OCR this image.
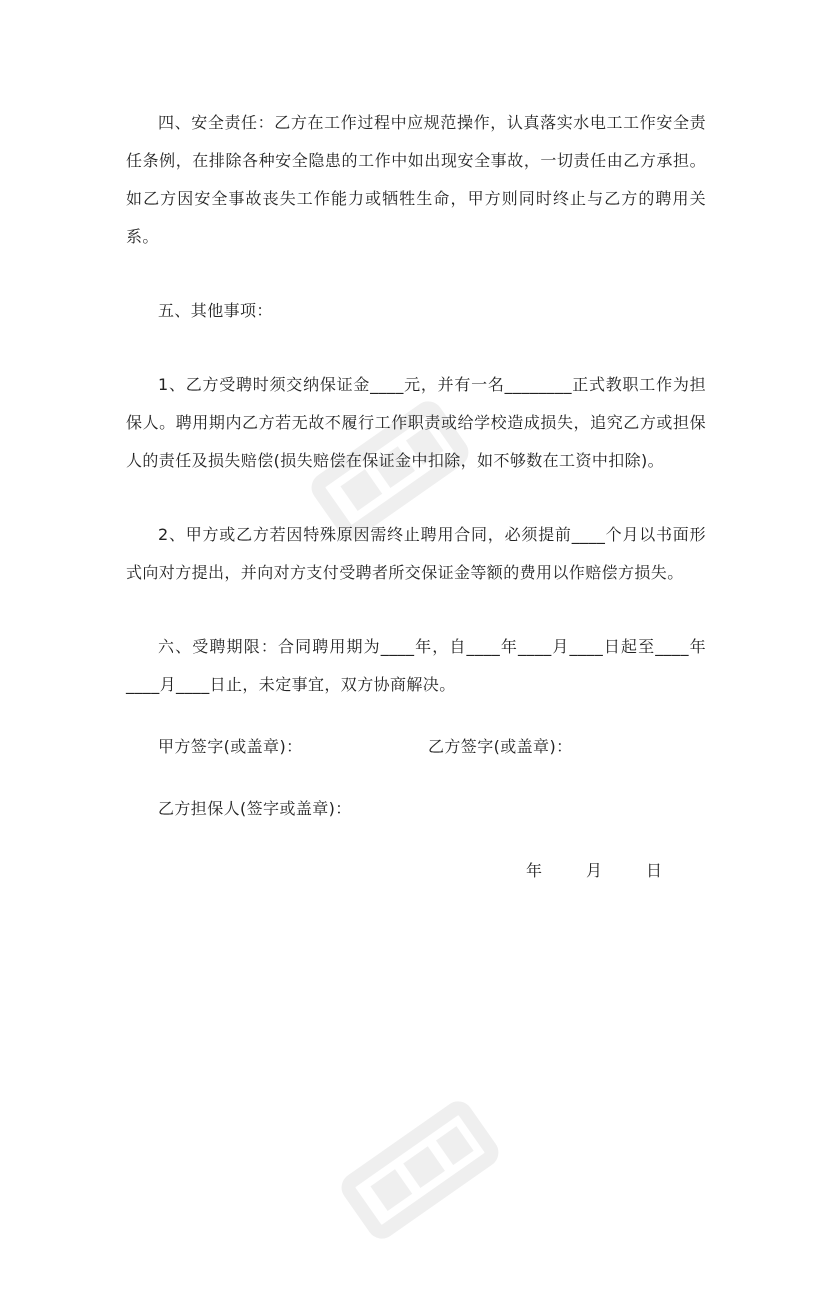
四、安全责任：乙方在工作过程中应规范操作，认真落实水电工工作安全责任条例，在排除各种安全隐患的工作中如出现安全事故，一切责任由乙方承担。如乙方因安全事故丧失工作能力或牺牲生命，甲方则同时终止与乙方的聘用关系。

五、其他事项：

1、乙方受聘时须交纳保证金____元，并有一名________正式教职工作为担保人。聘用期内乙方若无故不履行工作职责或给学校造成损失，追究乙方或担保人的责任及损失赔偿(损失赔偿在保证金中扣除，如不够数在工资中扣除)。

2、甲方或乙方若因特殊原因需终止聘用合同，必须提前____个月以书面形式向对方提出，并向对方支付受聘者所交保证金等额的费用以作赔偿方损失。

六、受聘期限：合同聘用期为____年，自____年____月____日起至____年____月____日止，未定事宜，双方协商解决。

甲方签字(或盖章)：	乙方签字(或盖章)：
乙方担保人(签字或盖章)：
年	月	日
